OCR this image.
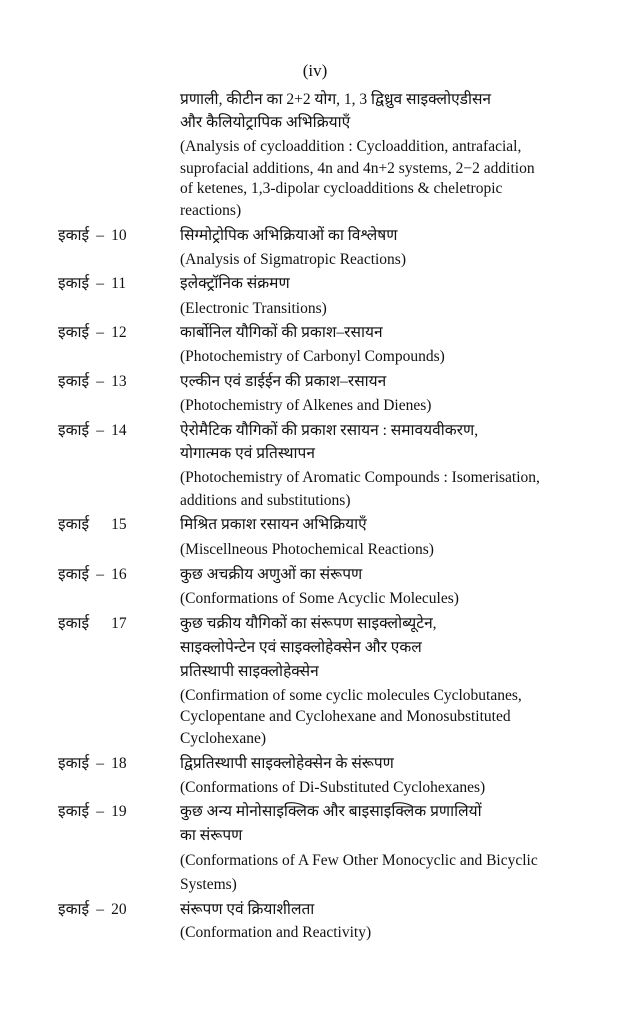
(iv)
प्रणाली, कीटीन का 2+2 योग, 1, 3 द्विध्रुव साइक्लोएडीसन
और कैलियोट्रापिक अभिक्रियाएँ
(Analysis of cycloaddition : Cycloaddition, antrafacial,
suprofacial additions, 4n and 4n+2 systems, 2−2 addition
of ketenes, 1,3-dipolar cycloadditions & cheletropic
reactions)
इकाई – 10	सिग्मोट्रोपिक अभिक्रियाओं का विश्लेषण
(Analysis of Sigmatropic Reactions)
इकाई – 11	इलेक्ट्रॉनिक संक्रमण
(Electronic Transitions)
इकाई – 12	कार्बोनिल यौगिकों की प्रकाश–रसायन
(Photochemistry of Carbonyl Compounds)
इकाई – 13	एल्कीन एवं डाईईन की प्रकाश–रसायन
(Photochemistry of Alkenes and Dienes)
इकाई – 14	ऐरोमैटिक यौगिकों की प्रकाश रसायन : समावयवीकरण,
योगात्मक एवं प्रतिस्थापन
(Photochemistry of Aromatic Compounds : Isomerisation,
additions and substitutions)
इकाई 15	मिश्रित प्रकाश रसायन अभिक्रियाएँ
(Miscellneous Photochemical Reactions)
इकाई – 16	कुछ अचक्रीय अणुओं का संरूपण
(Conformations of Some Acyclic Molecules)
इकाई 17	कुछ चक्रीय यौगिकों का संरूपण साइक्लोब्यूटेन,
साइक्लोपेन्टेन एवं साइक्लोहेक्सेन और एकल
प्रतिस्थापी साइक्लोहेक्सेन
(Confirmation of some cyclic molecules Cyclobutanes,
Cyclopentane and Cyclohexane and Monosubstituted
Cyclohexane)
इकाई – 18	द्विप्रतिस्थापी साइक्लोहेक्सेन के संरूपण
(Conformations of Di-Substituted Cyclohexanes)
इकाई – 19	कुछ अन्य मोनोसाइक्लिक और बाइसाइक्लिक प्रणालियों
का संरूपण
(Conformations of A Few Other Monocyclic and Bicyclic
Systems)
इकाई – 20	संरूपण एवं क्रियाशीलता
(Conformation and Reactivity)
